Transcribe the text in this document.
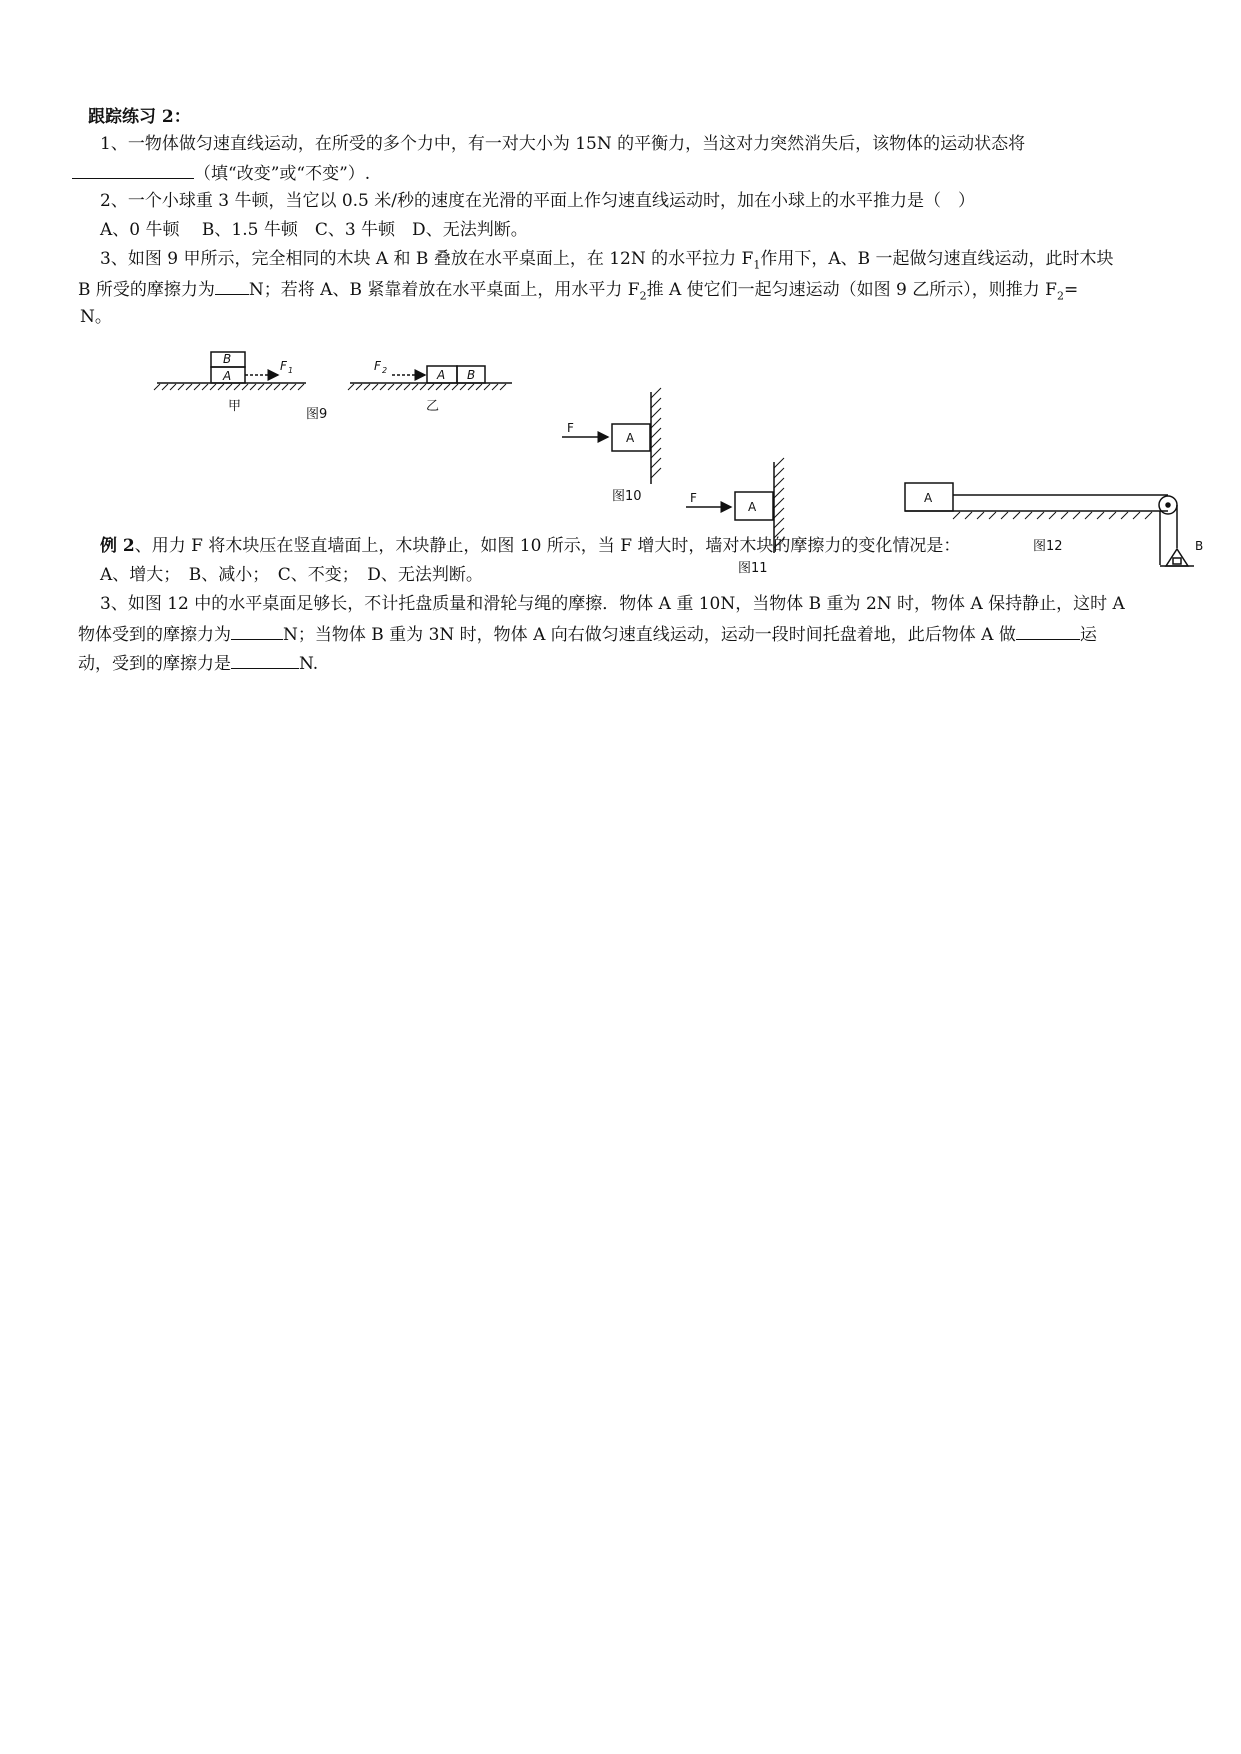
跟踪练习 2：
1、一物体做匀速直线运动，在所受的多个力中，有一对大小为 15N 的平衡力，当这对力突然消失后，该物体的运动状态将
（填“改变”或“不变”）.
2、一个小球重 3 牛顿，当它以 0.5 米/秒的速度在光滑的平面上作匀速直线运动时，加在小球上的水平推力是（　）
A、0 牛顿　 B、1.5 牛顿　C、3 牛顿　D、无法判断。
3、如图 9 甲所示，完全相同的木块 A 和 B 叠放在水平桌面上，在 12N 的水平拉力 $F_1$作用下，A、B 一起做匀速直线运动，此时木块
B 所受的摩擦力为 N；若将 A、B 紧靠着放在水平桌面上，用水平力 $F_2$推 A 使它们一起匀速运动（如图 9 乙所示），则推力 $F_2=$
N。
例 2、用力 F 将木块压在竖直墙面上，木块静止，如图 10 所示，当 F 增大时，墙对木块的摩擦力的变化情况是：
A、增大；　B、减小；　C、不变；　D、无法判断。
3、如图 12 中的水平桌面足够长，不计托盘质量和滑轮与绳的摩擦．物体 A 重 10N，当物体 B 重为 2N 时，物体 A 保持静止，这时 A
物体受到的摩擦力为	N；当物体 B 重为 3N 时，物体 A 向右做匀速直线运动，运动一段时间托盘着地，此后物体 A 做	运
动，受到的摩擦力是	N.
B
A
F 1	F 2	A B
甲
图9
乙
F
A
图10	F
A
图11
A
B
图12
